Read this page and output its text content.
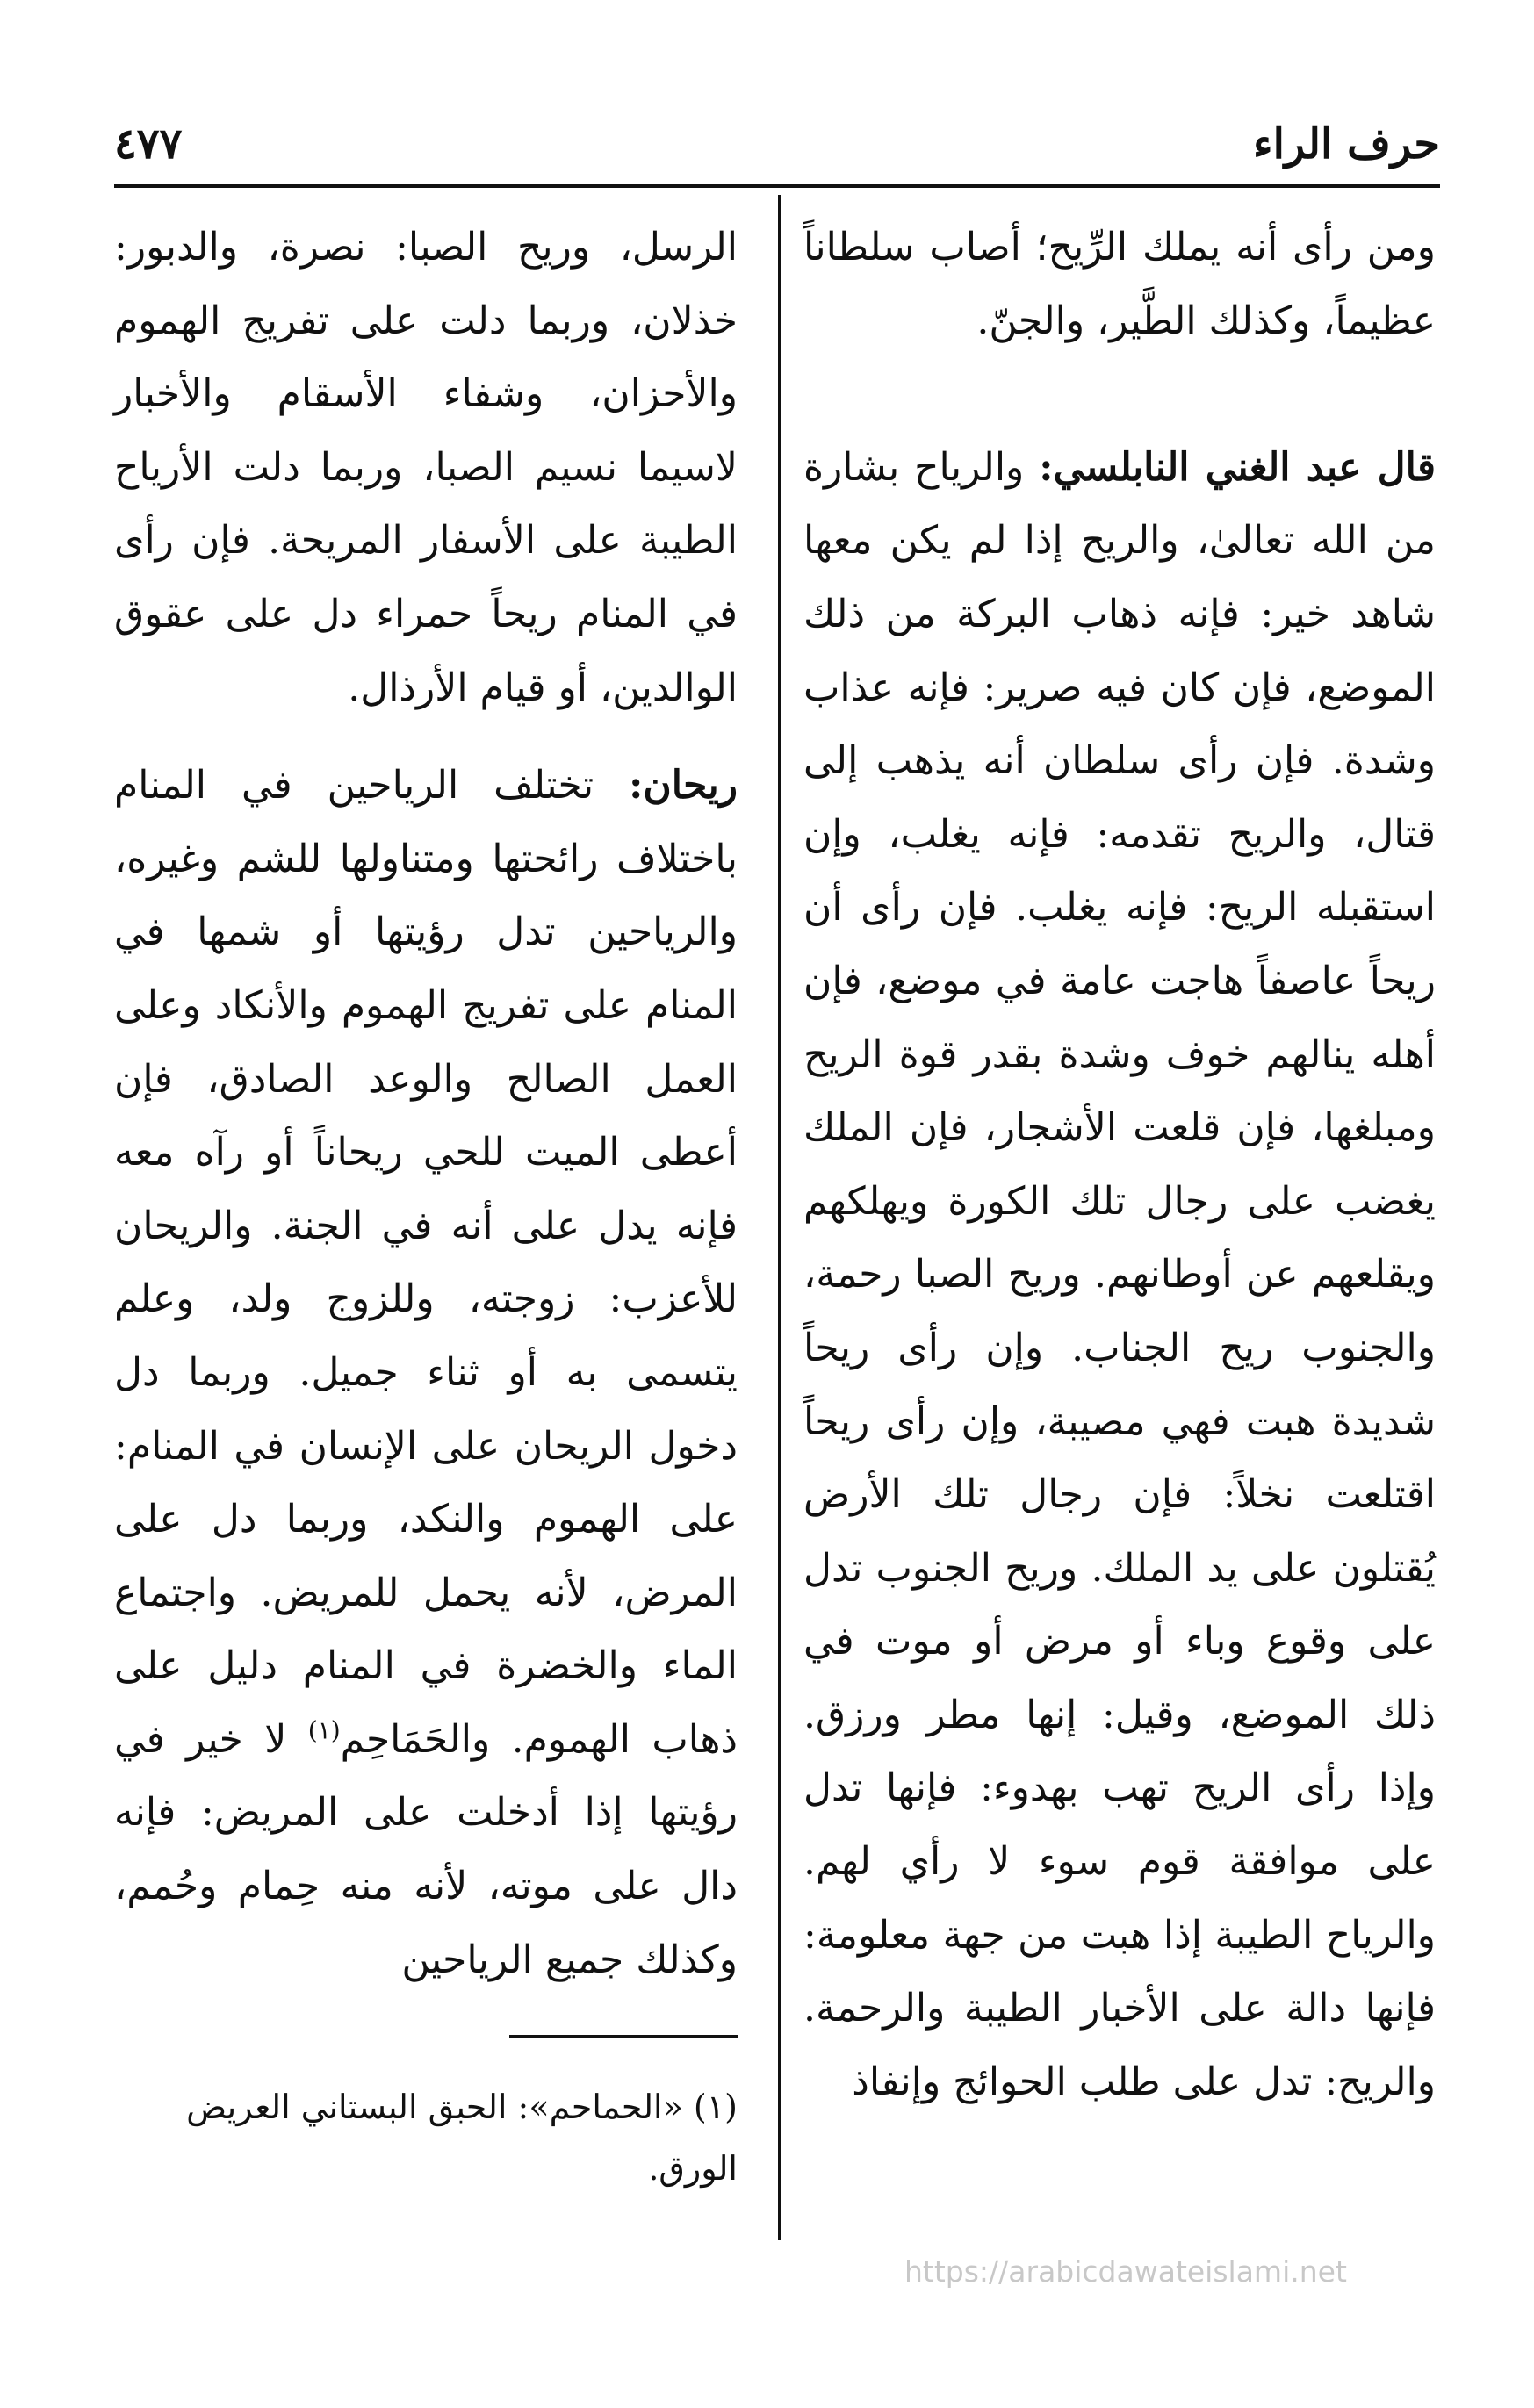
حرف الراء
٤٧٧

ومن رأى أنه يملك الرِّيح؛ أصاب سلطاناً عظيماً، وكذلك الطَّير، والجنّ.

قال عبد الغني النابلسي: والرياح بشارة من الله تعالىٰ، والريح إذا لم يكن معها شاهد خير: فإنه ذهاب البركة من ذلك الموضع، فإن كان فيه صرير: فإنه عذاب وشدة. فإن رأى سلطان أنه يذهب إلى قتال، والريح تقدمه: فإنه يغلب، وإن استقبله الريح: فإنه يغلب. فإن رأى أن ريحاً عاصفاً هاجت عامة في موضع، فإن أهله ينالهم خوف وشدة بقدر قوة الريح ومبلغها، فإن قلعت الأشجار، فإن الملك يغضب على رجال تلك الكورة ويهلكهم ويقلعهم عن أوطانهم. وريح الصبا رحمة، والجنوب ريح الجناب. وإن رأى ريحاً شديدة هبت فهي مصيبة، وإن رأى ريحاً اقتلعت نخلاً: فإن رجال تلك الأرض يُقتلون على يد الملك. وريح الجنوب تدل على وقوع وباء أو مرض أو موت في ذلك الموضع، وقيل: إنها مطر ورزق. وإذا رأى الريح تهب بهدوء: فإنها تدل على موافقة قوم سوء لا رأي لهم. والرياح الطيبة إذا هبت من جهة معلومة: فإنها دالة على الأخبار الطيبة والرحمة. والريح: تدل على طلب الحوائج وإنفاذ

الرسل، وريح الصبا: نصرة، والدبور: خذلان، وربما دلت على تفريج الهموم والأحزان، وشفاء الأسقام والأخبار لاسيما نسيم الصبا، وربما دلت الأرياح الطيبة على الأسفار المريحة. فإن رأى في المنام ريحاً حمراء دل على عقوق الوالدين، أو قيام الأرذال.

ريحان: تختلف الرياحين في المنام باختلاف رائحتها ومتناولها للشم وغيره، والرياحين تدل رؤيتها أو شمها في المنام على تفريج الهموم والأنكاد وعلى العمل الصالح والوعد الصادق، فإن أعطى الميت للحي ريحاناً أو رآه معه فإنه يدل على أنه في الجنة. والريحان للأعزب: زوجته، وللزوج ولد، وعلم يتسمى به أو ثناء جميل. وربما دل دخول الريحان على الإنسان في المنام: على الهموم والنكد، وربما دل على المرض، لأنه يحمل للمريض. واجتماع الماء والخضرة في المنام دليل على ذهاب الهموم. والحَمَاحِم$^{(١)}$ لا خير في رؤيتها إذا أدخلت على المريض: فإنه دال على موته، لأنه منه حِمام وحُمم، وكذلك جميع الرياحين

(١) «الحماحم»: الحبق البستاني العريض الورق.
https://arabicdawateislami.net
